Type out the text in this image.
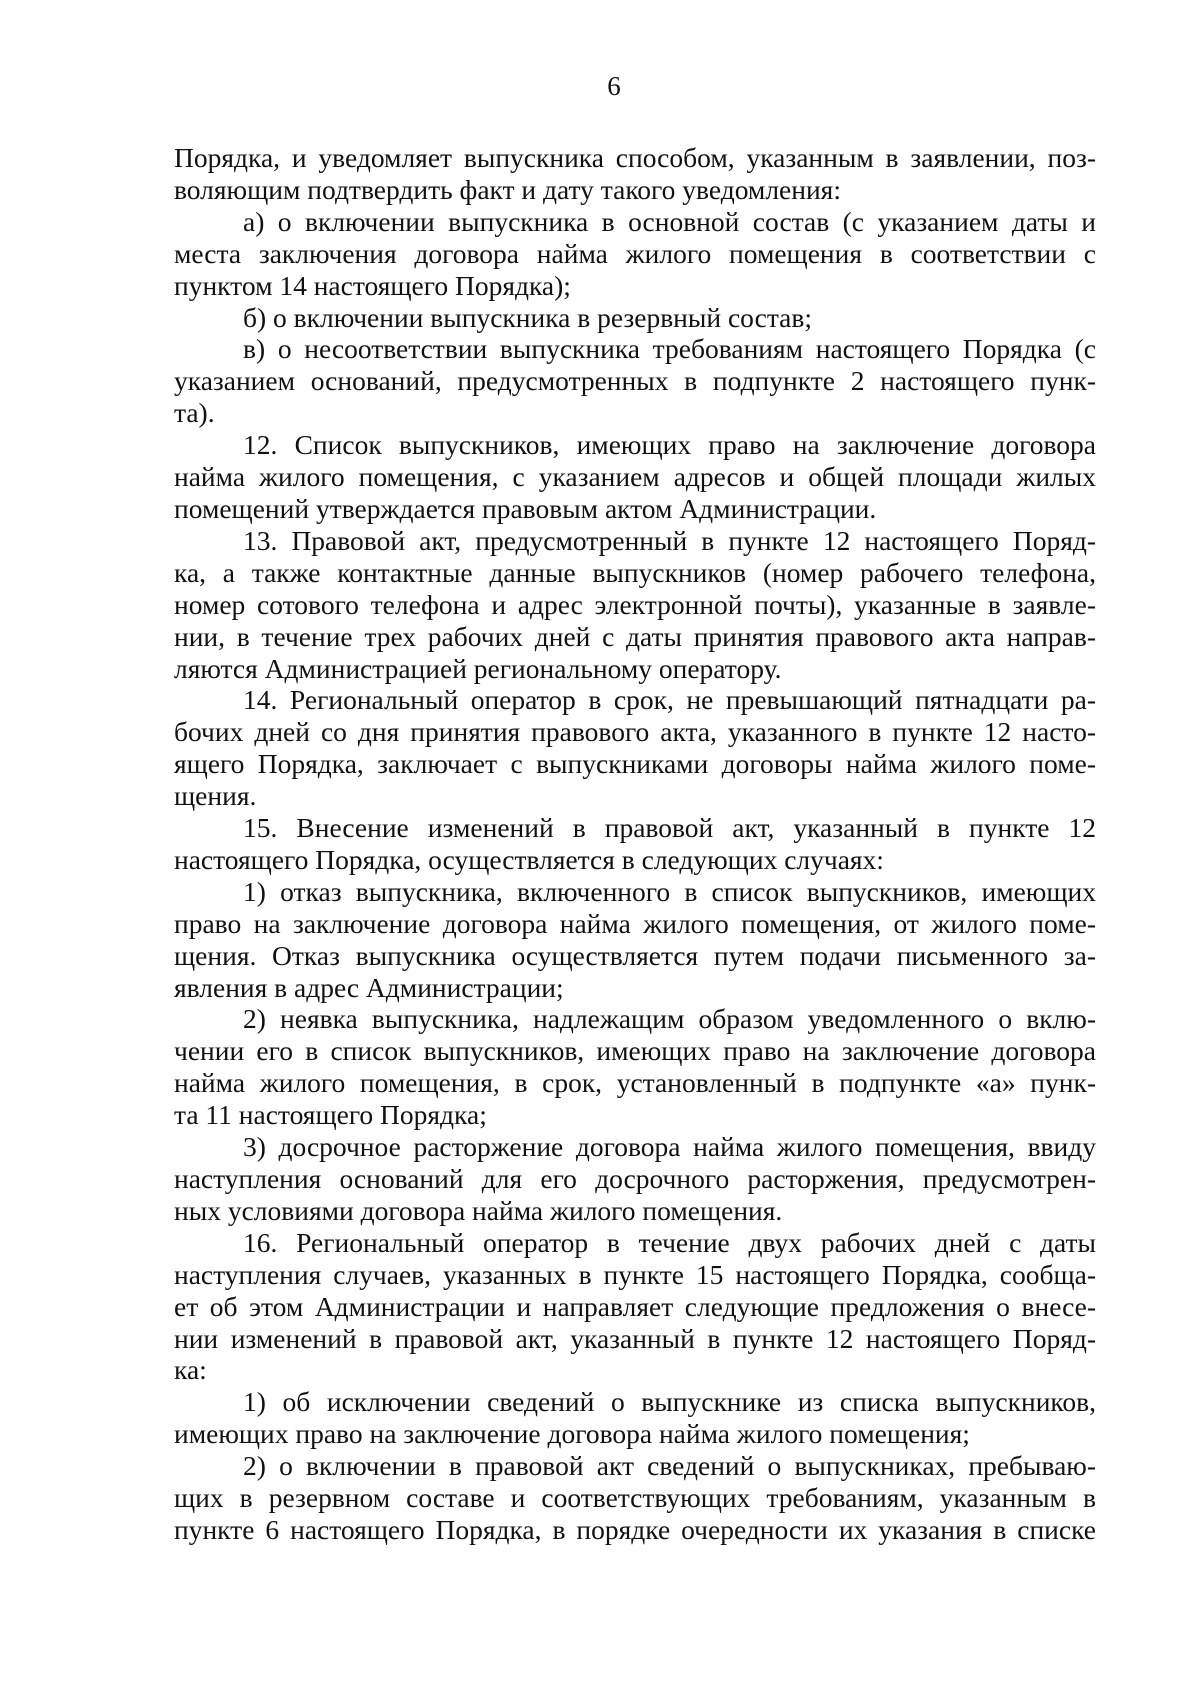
6
Порядка, и уведомляет выпускника способом, указанным в заявлении, поз-
воляющим подтвердить факт и дату такого уведомления:
а) о включении выпускника в основной состав (с указанием даты и
места заключения договора найма жилого помещения в соответствии с
пунктом 14 настоящего Порядка);
б) о включении выпускника в резервный состав;
в) о несоответствии выпускника требованиям настоящего Порядка (с
указанием оснований, предусмотренных в подпункте 2 настоящего пунк-
та).
12. Список выпускников, имеющих право на заключение договора
найма жилого помещения, с указанием адресов и общей площади жилых
помещений утверждается правовым актом Администрации.
13. Правовой акт, предусмотренный в пункте 12 настоящего Поряд-
ка, а также контактные данные выпускников (номер рабочего телефона,
номер сотового телефона и адрес электронной почты), указанные в заявле-
нии, в течение трех рабочих дней с даты принятия правового акта направ-
ляются Администрацией региональному оператору.
14. Региональный оператор в срок, не превышающий пятнадцати ра-
бочих дней со дня принятия правового акта, указанного в пункте 12 насто-
ящего Порядка, заключает с выпускниками договоры найма жилого поме-
щения.
15. Внесение изменений в правовой акт, указанный в пункте 12
настоящего Порядка, осуществляется в следующих случаях:
1) отказ выпускника, включенного в список выпускников, имеющих
право на заключение договора найма жилого помещения, от жилого поме-
щения. Отказ выпускника осуществляется путем подачи письменного за-
явления в адрес Администрации;
2) неявка выпускника, надлежащим образом уведомленного о вклю-
чении его в список выпускников, имеющих право на заключение договора
найма жилого помещения, в срок, установленный в подпункте «а» пунк-
та 11 настоящего Порядка;
3) досрочное расторжение договора найма жилого помещения, ввиду
наступления оснований для его досрочного расторжения, предусмотрен-
ных условиями договора найма жилого помещения.
16. Региональный оператор в течение двух рабочих дней с даты
наступления случаев, указанных в пункте 15 настоящего Порядка, сообща-
ет об этом Администрации и направляет следующие предложения о внесе-
нии изменений в правовой акт, указанный в пункте 12 настоящего Поряд-
ка:
1) об исключении сведений о выпускнике из списка выпускников,
имеющих право на заключение договора найма жилого помещения;
2) о включении в правовой акт сведений о выпускниках, пребываю-
щих в резервном составе и соответствующих требованиям, указанным в
пункте 6 настоящего Порядка, в порядке очередности их указания в списке
